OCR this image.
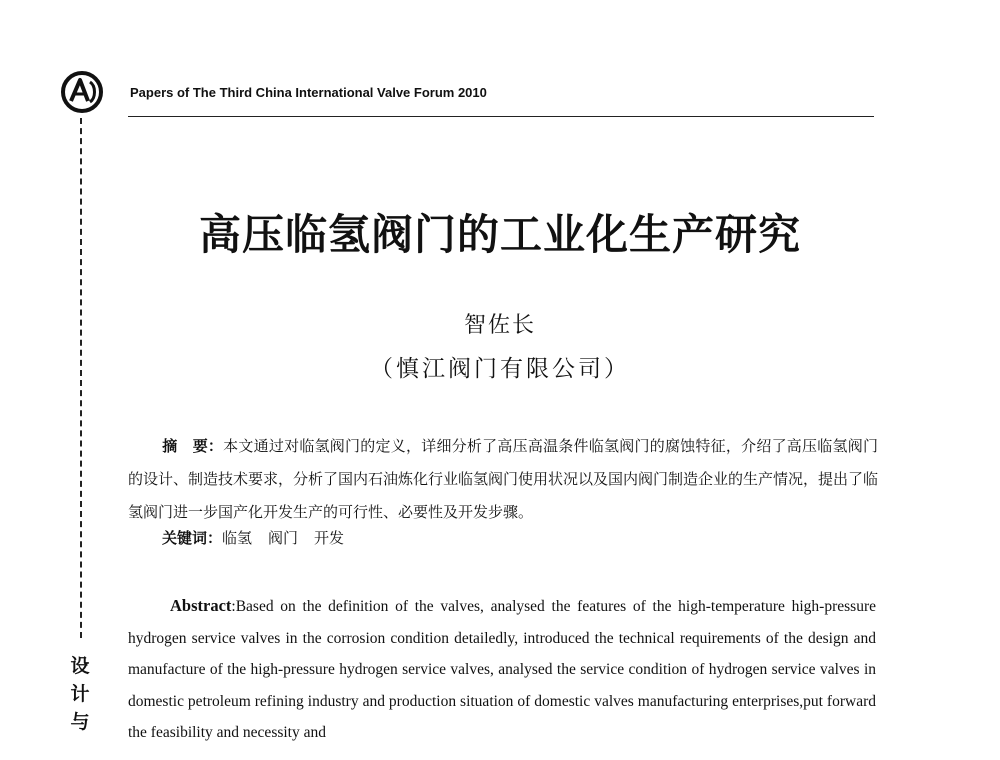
设
计
与
Papers of The Third China International Valve Forum 2010
高压临氢阀门的工业化生产研究
智佐长
（慎江阀门有限公司）
摘　要：本文通过对临氢阀门的定义，详细分析了高压高温条件临氢阀门的腐蚀特征，介绍了高压临氢阀门的设计、制造技术要求，分析了国内石油炼化行业临氢阀门使用状况以及国内阀门制造企业的生产情况，提出了临氢阀门进一步国产化开发生产的可行性、必要性及开发步骤。
关键词：临氢 阀门 开发
Abstract:Based on the definition of the valves, analysed the features of the high-temperature high-pressure hydrogen service valves in the corrosion condition detailedly, introduced the technical requirements of the design and manufacture of the high-pressure hydrogen service valves, analysed the service condition of hydrogen service valves in domestic petroleum refining industry and production situation of domestic valves manufacturing enterprises,put forward the feasibility and necessity and
